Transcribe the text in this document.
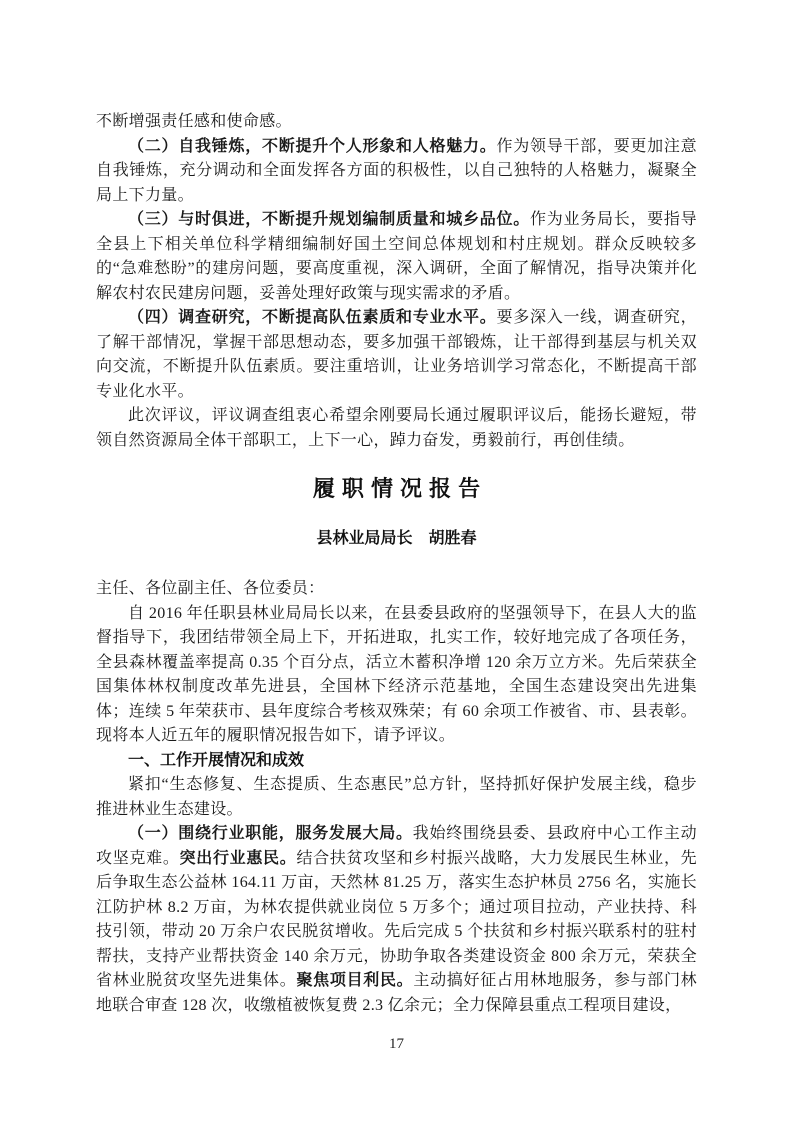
不断增强责任感和使命感。

（二）自我锤炼，不断提升个人形象和人格魅力。作为领导干部，要更加注意自我锤炼，充分调动和全面发挥各方面的积极性，以自己独特的人格魅力，凝聚全局上下力量。

（三）与时俱进，不断提升规划编制质量和城乡品位。作为业务局长，要指导全县上下相关单位科学精细编制好国土空间总体规划和村庄规划。群众反映较多的“急难愁盼”的建房问题，要高度重视，深入调研，全面了解情况，指导决策并化解农村农民建房问题，妥善处理好政策与现实需求的矛盾。

（四）调查研究，不断提高队伍素质和专业水平。要多深入一线，调查研究，了解干部情况，掌握干部思想动态，要多加强干部锻炼，让干部得到基层与机关双向交流，不断提升队伍素质。要注重培训，让业务培训学习常态化，不断提高干部专业化水平。

此次评议，评议调查组衷心希望余刚要局长通过履职评议后，能扬长避短，带领自然资源局全体干部职工，上下一心，踔力奋发，勇毅前行，再创佳绩。

履职情况报告
县林业局局长　胡胜春

主任、各位副主任、各位委员：

自 2016 年任职县林业局局长以来，在县委县政府的坚强领导下，在县人大的监督指导下，我团结带领全局上下，开拓进取，扎实工作，较好地完成了各项任务，全县森林覆盖率提高 0.35 个百分点，活立木蓄积净增 120 余万立方米。先后荣获全国集体林权制度改革先进县，全国林下经济示范基地，全国生态建设突出先进集体；连续 5 年荣获市、县年度综合考核双殊荣；有 60 余项工作被省、市、县表彰。现将本人近五年的履职情况报告如下，请予评议。

一、工作开展情况和成效

紧扣“生态修复、生态提质、生态惠民”总方针，坚持抓好保护发展主线，稳步推进林业生态建设。

（一）围绕行业职能，服务发展大局。我始终围绕县委、县政府中心工作主动攻坚克难。突出行业惠民。结合扶贫攻坚和乡村振兴战略，大力发展民生林业，先后争取生态公益林 164.11 万亩，天然林 81.25 万，落实生态护林员 2756 名，实施长江防护林 8.2 万亩，为林农提供就业岗位 5 万多个；通过项目拉动，产业扶持、科技引领，带动 20 万余户农民脱贫增收。先后完成 5 个扶贫和乡村振兴联系村的驻村帮扶，支持产业帮扶资金 140 余万元，协助争取各类建设资金 800 余万元，荣获全省林业脱贫攻坚先进集体。聚焦项目利民。主动搞好征占用林地服务，参与部门林地联合审查 128 次，收缴植被恢复费 2.3 亿余元；全力保障县重点工程项目建设，

17
